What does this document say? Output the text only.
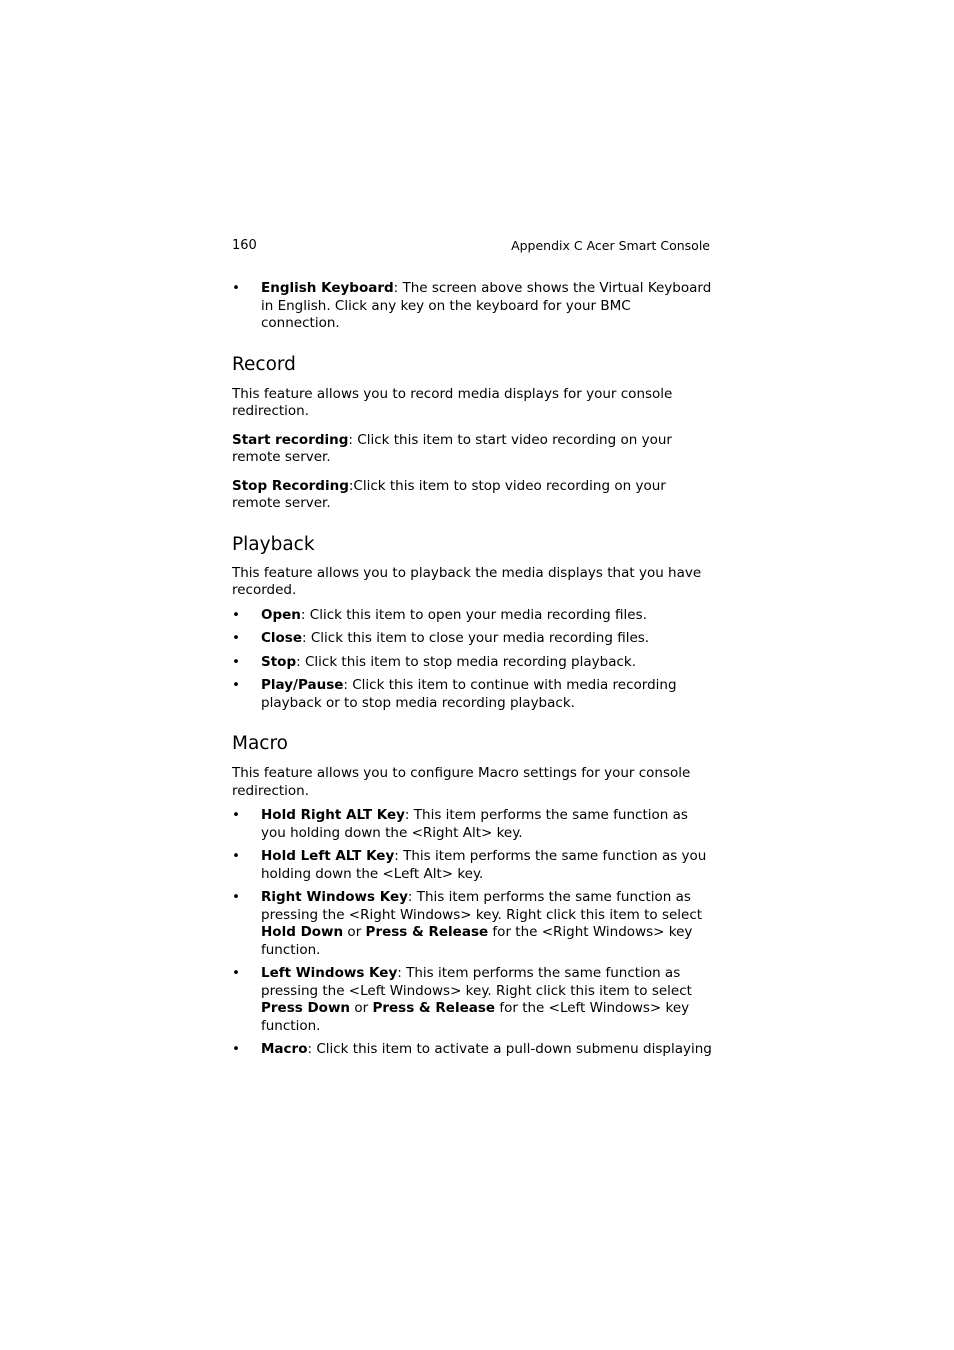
160	Appendix C Acer Smart Console

• English Keyboard: The screen above shows the Virtual Keyboard in English. Click any key on the keyboard for your BMC connection.

Record

This feature allows you to record media displays for your console redirection.

Start recording: Click this item to start video recording on your remote server.

Stop Recording:Click this item to stop video recording on your remote server.

Playback

This feature allows you to playback the media displays that you have recorded.

• Open: Click this item to open your media recording files.

• Close: Click this item to close your media recording files.

• Stop: Click this item to stop media recording playback.

• Play/Pause: Click this item to continue with media recording playback or to stop media recording playback.

Macro

This feature allows you to configure Macro settings for your console redirection.

• Hold Right ALT Key: This item performs the same function as you holding down the <Right Alt> key.

• Hold Left ALT Key: This item performs the same function as you holding down the <Left Alt> key.

• Right Windows Key: This item performs the same function as pressing the <Right Windows> key. Right click this item to select Hold Down or Press & Release for the <Right Windows> key function.

• Left Windows Key: This item performs the same function as pressing the <Left Windows> key. Right click this item to select Press Down or Press & Release for the <Left Windows> key function.

• Macro: Click this item to activate a pull-down submenu displaying
